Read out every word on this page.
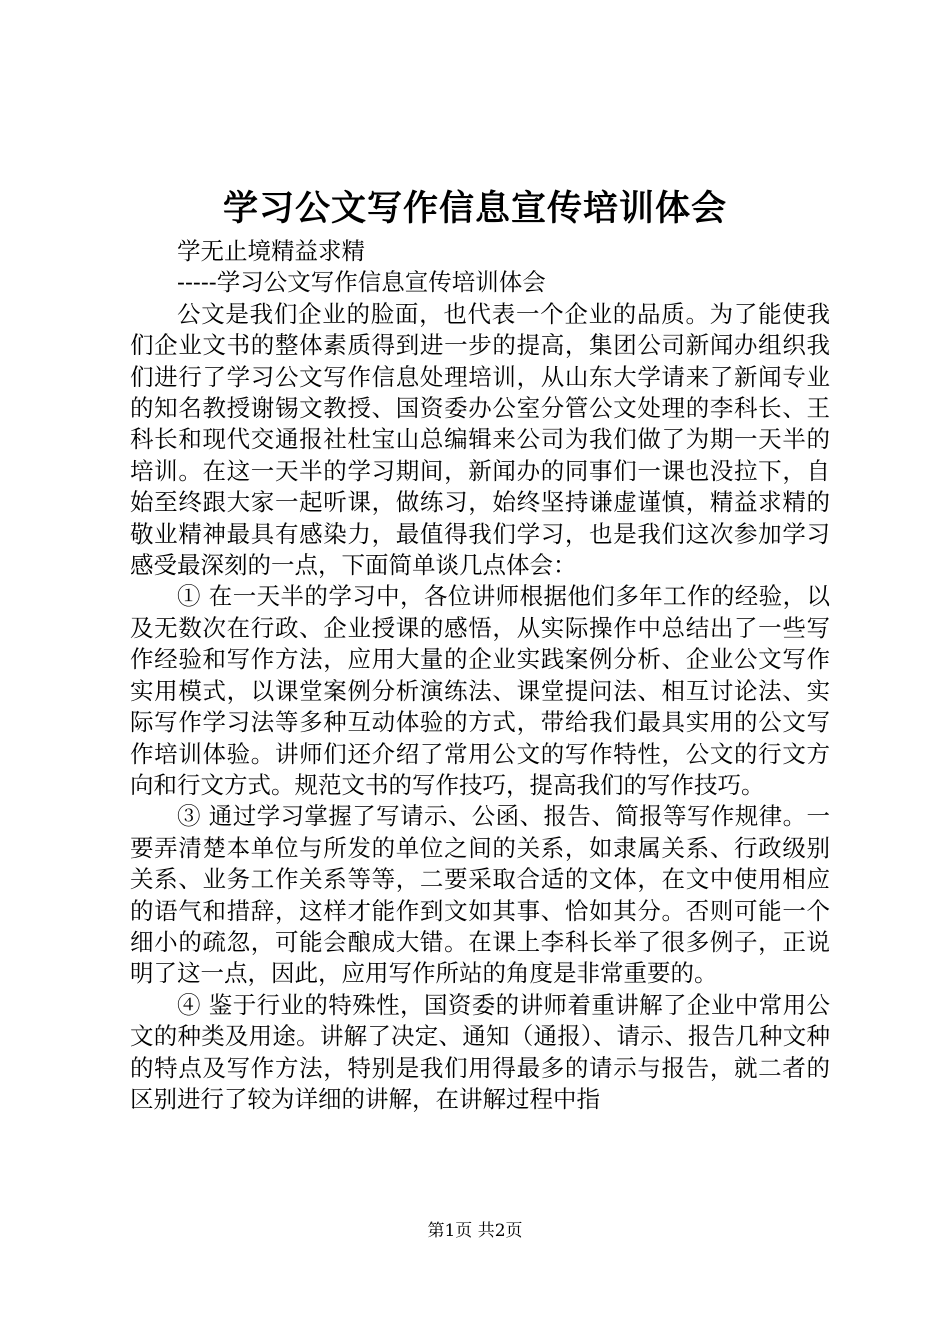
学习公文写作信息宣传培训体会

学无止境精益求精

-----学习公文写作信息宣传培训体会

公文是我们企业的脸面，也代表一个企业的品质。为了能使我们企业文书的整体素质得到进一步的提高，集团公司新闻办组织我们进行了学习公文写作信息处理培训，从山东大学请来了新闻专业的知名教授谢锡文教授、国资委办公室分管公文处理的李科长、王科长和现代交通报社杜宝山总编辑来公司为我们做了为期一天半的培训。在这一天半的学习期间，新闻办的同事们一课也没拉下，自始至终跟大家一起听课，做练习，始终坚持谦虚谨慎，精益求精的敬业精神最具有感染力，最值得我们学习，也是我们这次参加学习感受最深刻的一点，下面简单谈几点体会：

① 在一天半的学习中，各位讲师根据他们多年工作的经验，以及无数次在行政、企业授课的感悟，从实际操作中总结出了一些写作经验和写作方法，应用大量的企业实践案例分析、企业公文写作实用模式，以课堂案例分析演练法、课堂提问法、相互讨论法、实际写作学习法等多种互动体验的方式，带给我们最具实用的公文写作培训体验。讲师们还介绍了常用公文的写作特性，公文的行文方向和行文方式。规范文书的写作技巧，提高我们的写作技巧。

③ 通过学习掌握了写请示、公函、报告、简报等写作规律。一要弄清楚本单位与所发的单位之间的关系，如隶属关系、行政级别关系、业务工作关系等等，二要采取合适的文体，在文中使用相应的语气和措辞，这样才能作到文如其事、恰如其分。否则可能一个细小的疏忽，可能会酿成大错。在课上李科长举了很多例子，正说明了这一点，因此，应用写作所站的角度是非常重要的。

④ 鉴于行业的特殊性，国资委的讲师着重讲解了企业中常用公文的种类及用途。讲解了决定、通知（通报）、请示、报告几种文种的特点及写作方法，特别是我们用得最多的请示与报告，就二者的区别进行了较为详细的讲解，在讲解过程中指

第1页 共2页
